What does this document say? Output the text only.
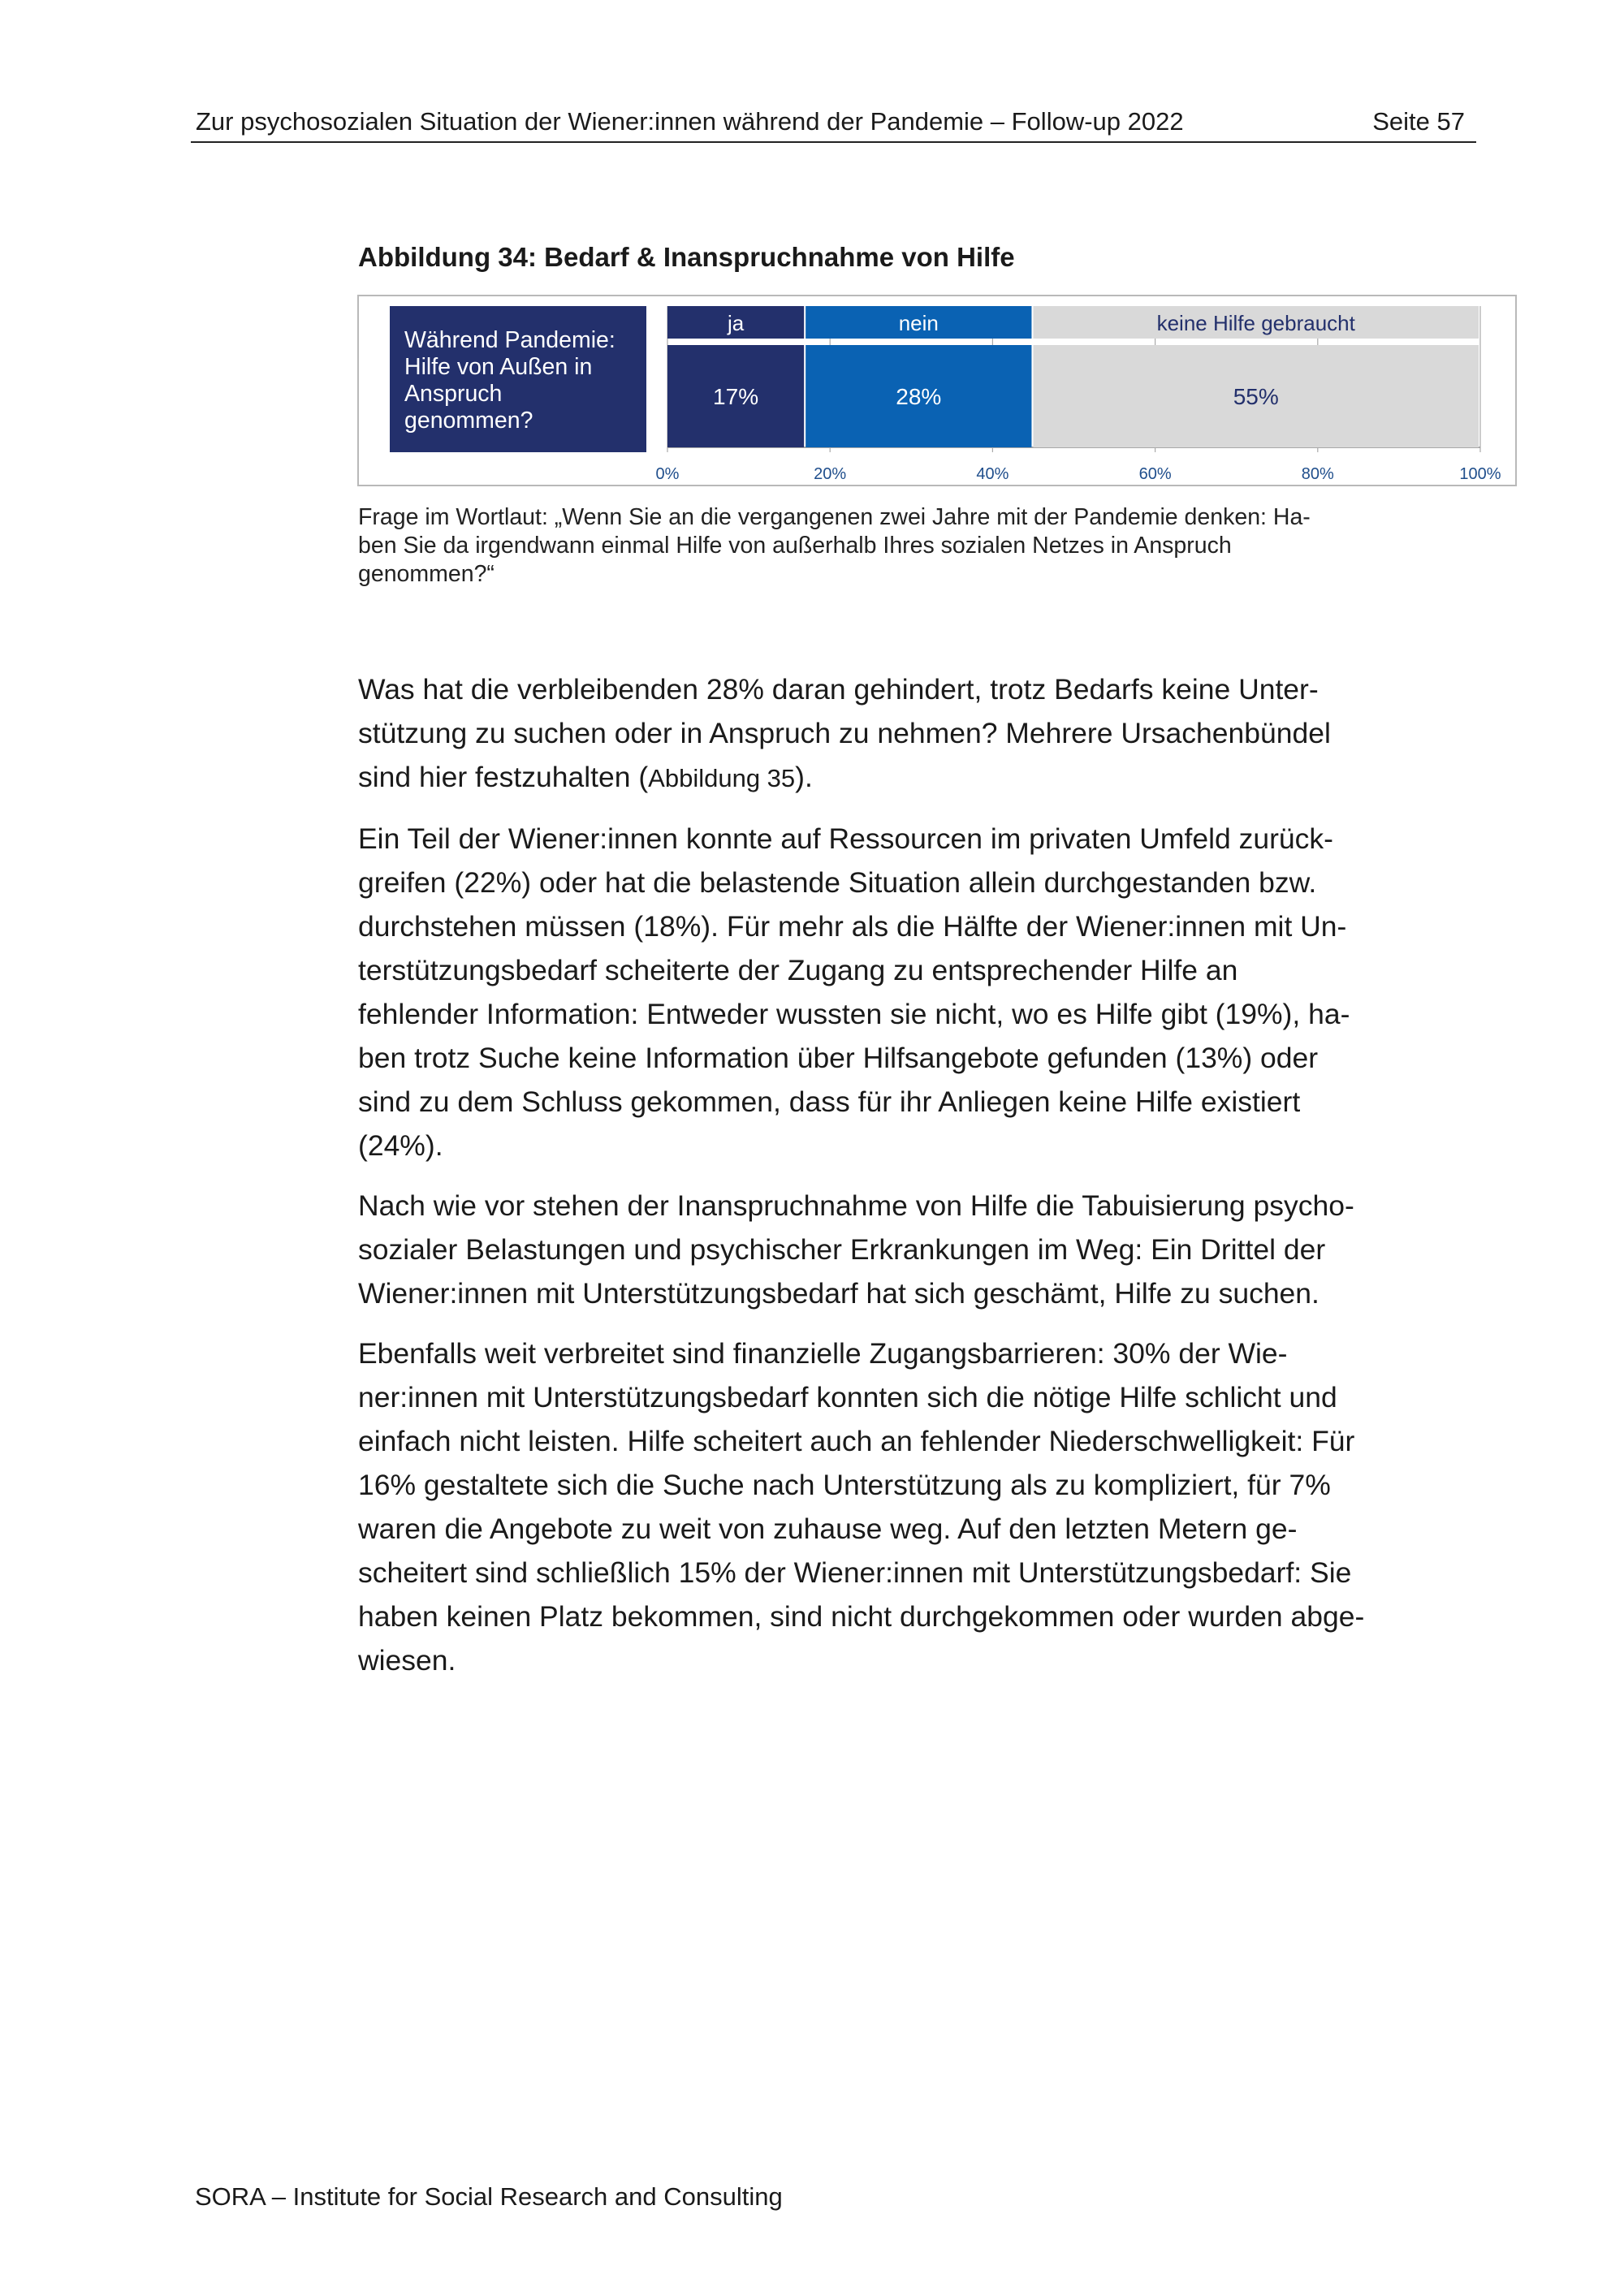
Zur psychosozialen Situation der Wiener:innen während der Pandemie – Follow-up 2022	Seite 57
Abbildung 34: Bedarf & Inanspruchnahme von Hilfe
Während Pandemie:
Hilfe von Außen in
Anspruch
genommen?
0%	20%	40%	60%	80%	100%
ja
17%
nein
28%
keine Hilfe gebraucht
55%
Frage im Wortlaut: „Wenn Sie an die vergangenen zwei Jahre mit der Pandemie denken: Ha-
ben Sie da irgendwann einmal Hilfe von außerhalb Ihres sozialen Netzes in Anspruch
genommen?“

Was hat die verbleibenden 28% daran gehindert, trotz Bedarfs keine Unter-
stützung zu suchen oder in Anspruch zu nehmen? Mehrere Ursachenbündel
sind hier festzuhalten (Abbildung 35).

Ein Teil der Wiener:innen konnte auf Ressourcen im privaten Umfeld zurück-
greifen (22%) oder hat die belastende Situation allein durchgestanden bzw.
durchstehen müssen (18%). Für mehr als die Hälfte der Wiener:innen mit Un-
terstützungsbedarf scheiterte der Zugang zu entsprechender Hilfe an
fehlender Information: Entweder wussten sie nicht, wo es Hilfe gibt (19%), ha-
ben trotz Suche keine Information über Hilfsangebote gefunden (13%) oder
sind zu dem Schluss gekommen, dass für ihr Anliegen keine Hilfe existiert
(24%).

Nach wie vor stehen der Inanspruchnahme von Hilfe die Tabuisierung psycho-
sozialer Belastungen und psychischer Erkrankungen im Weg: Ein Drittel der
Wiener:innen mit Unterstützungsbedarf hat sich geschämt, Hilfe zu suchen.

Ebenfalls weit verbreitet sind finanzielle Zugangsbarrieren: 30% der Wie-
ner:innen mit Unterstützungsbedarf konnten sich die nötige Hilfe schlicht und
einfach nicht leisten. Hilfe scheitert auch an fehlender Niederschwelligkeit: Für
16% gestaltete sich die Suche nach Unterstützung als zu kompliziert, für 7%
waren die Angebote zu weit von zuhause weg. Auf den letzten Metern ge-
scheitert sind schließlich 15% der Wiener:innen mit Unterstützungsbedarf: Sie
haben keinen Platz bekommen, sind nicht durchgekommen oder wurden abge-
wiesen.

SORA – Institute for Social Research and Consulting
